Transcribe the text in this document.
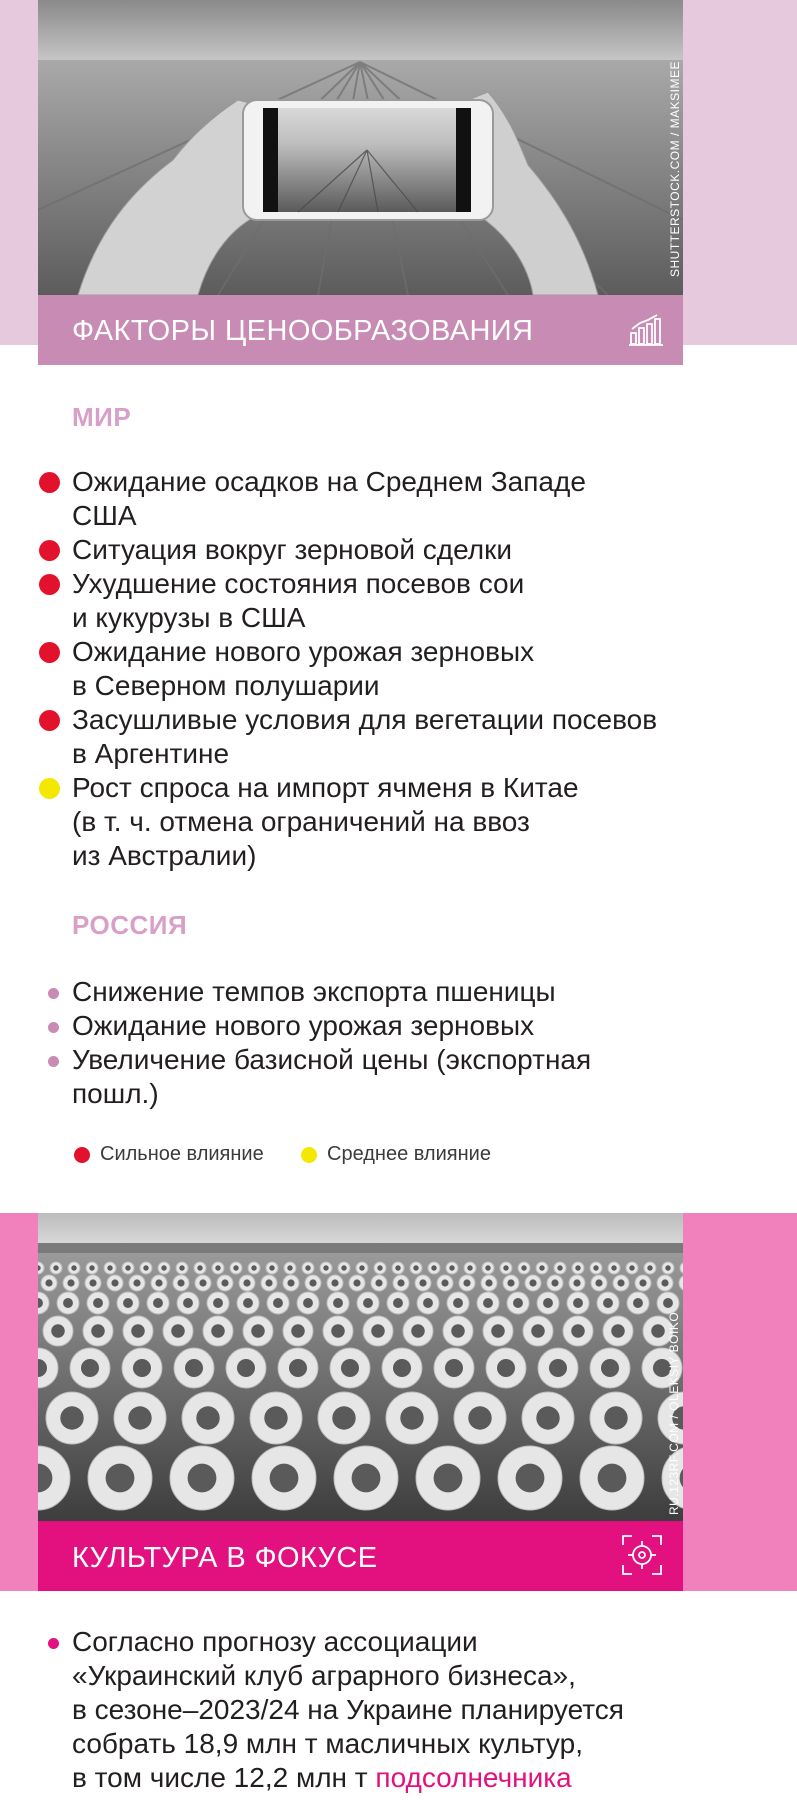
SHUTTERSTOCK.COM / MAKSIMEE
ФАКТОРЫ ЦЕНООБРАЗОВАНИЯ
МИР
Ожидание осадков на Среднем Западе
США
Ситуация вокруг зерновой сделки
Ухудшение состояния посевов сои
и кукурузы в США
Ожидание нового урожая зерновых
в Северном полушарии
Засушливые условия для вегетации посевов
в Аргентине
Рост спроса на импорт ячменя в Китае
(в т. ч. отмена ограничений на ввоз
из Австралии)
РОССИЯ
Снижение темпов экспорта пшеницы
Ожидание нового урожая зерновых
Увеличение базисной цены (экспортная
пошл.)
Сильное влияние	Среднее влияние
RU.123RF.COM / OLEKSIY BOIKO
КУЛЬТУРА В ФОКУСЕ
Согласно прогнозу ассоциации
«Украинский клуб аграрного бизнеса»,
в сезоне–2023/24 на Украине планируется
собрать 18,9 млн т масличных культур,
в том числе 12,2 млн т подсолнечника
